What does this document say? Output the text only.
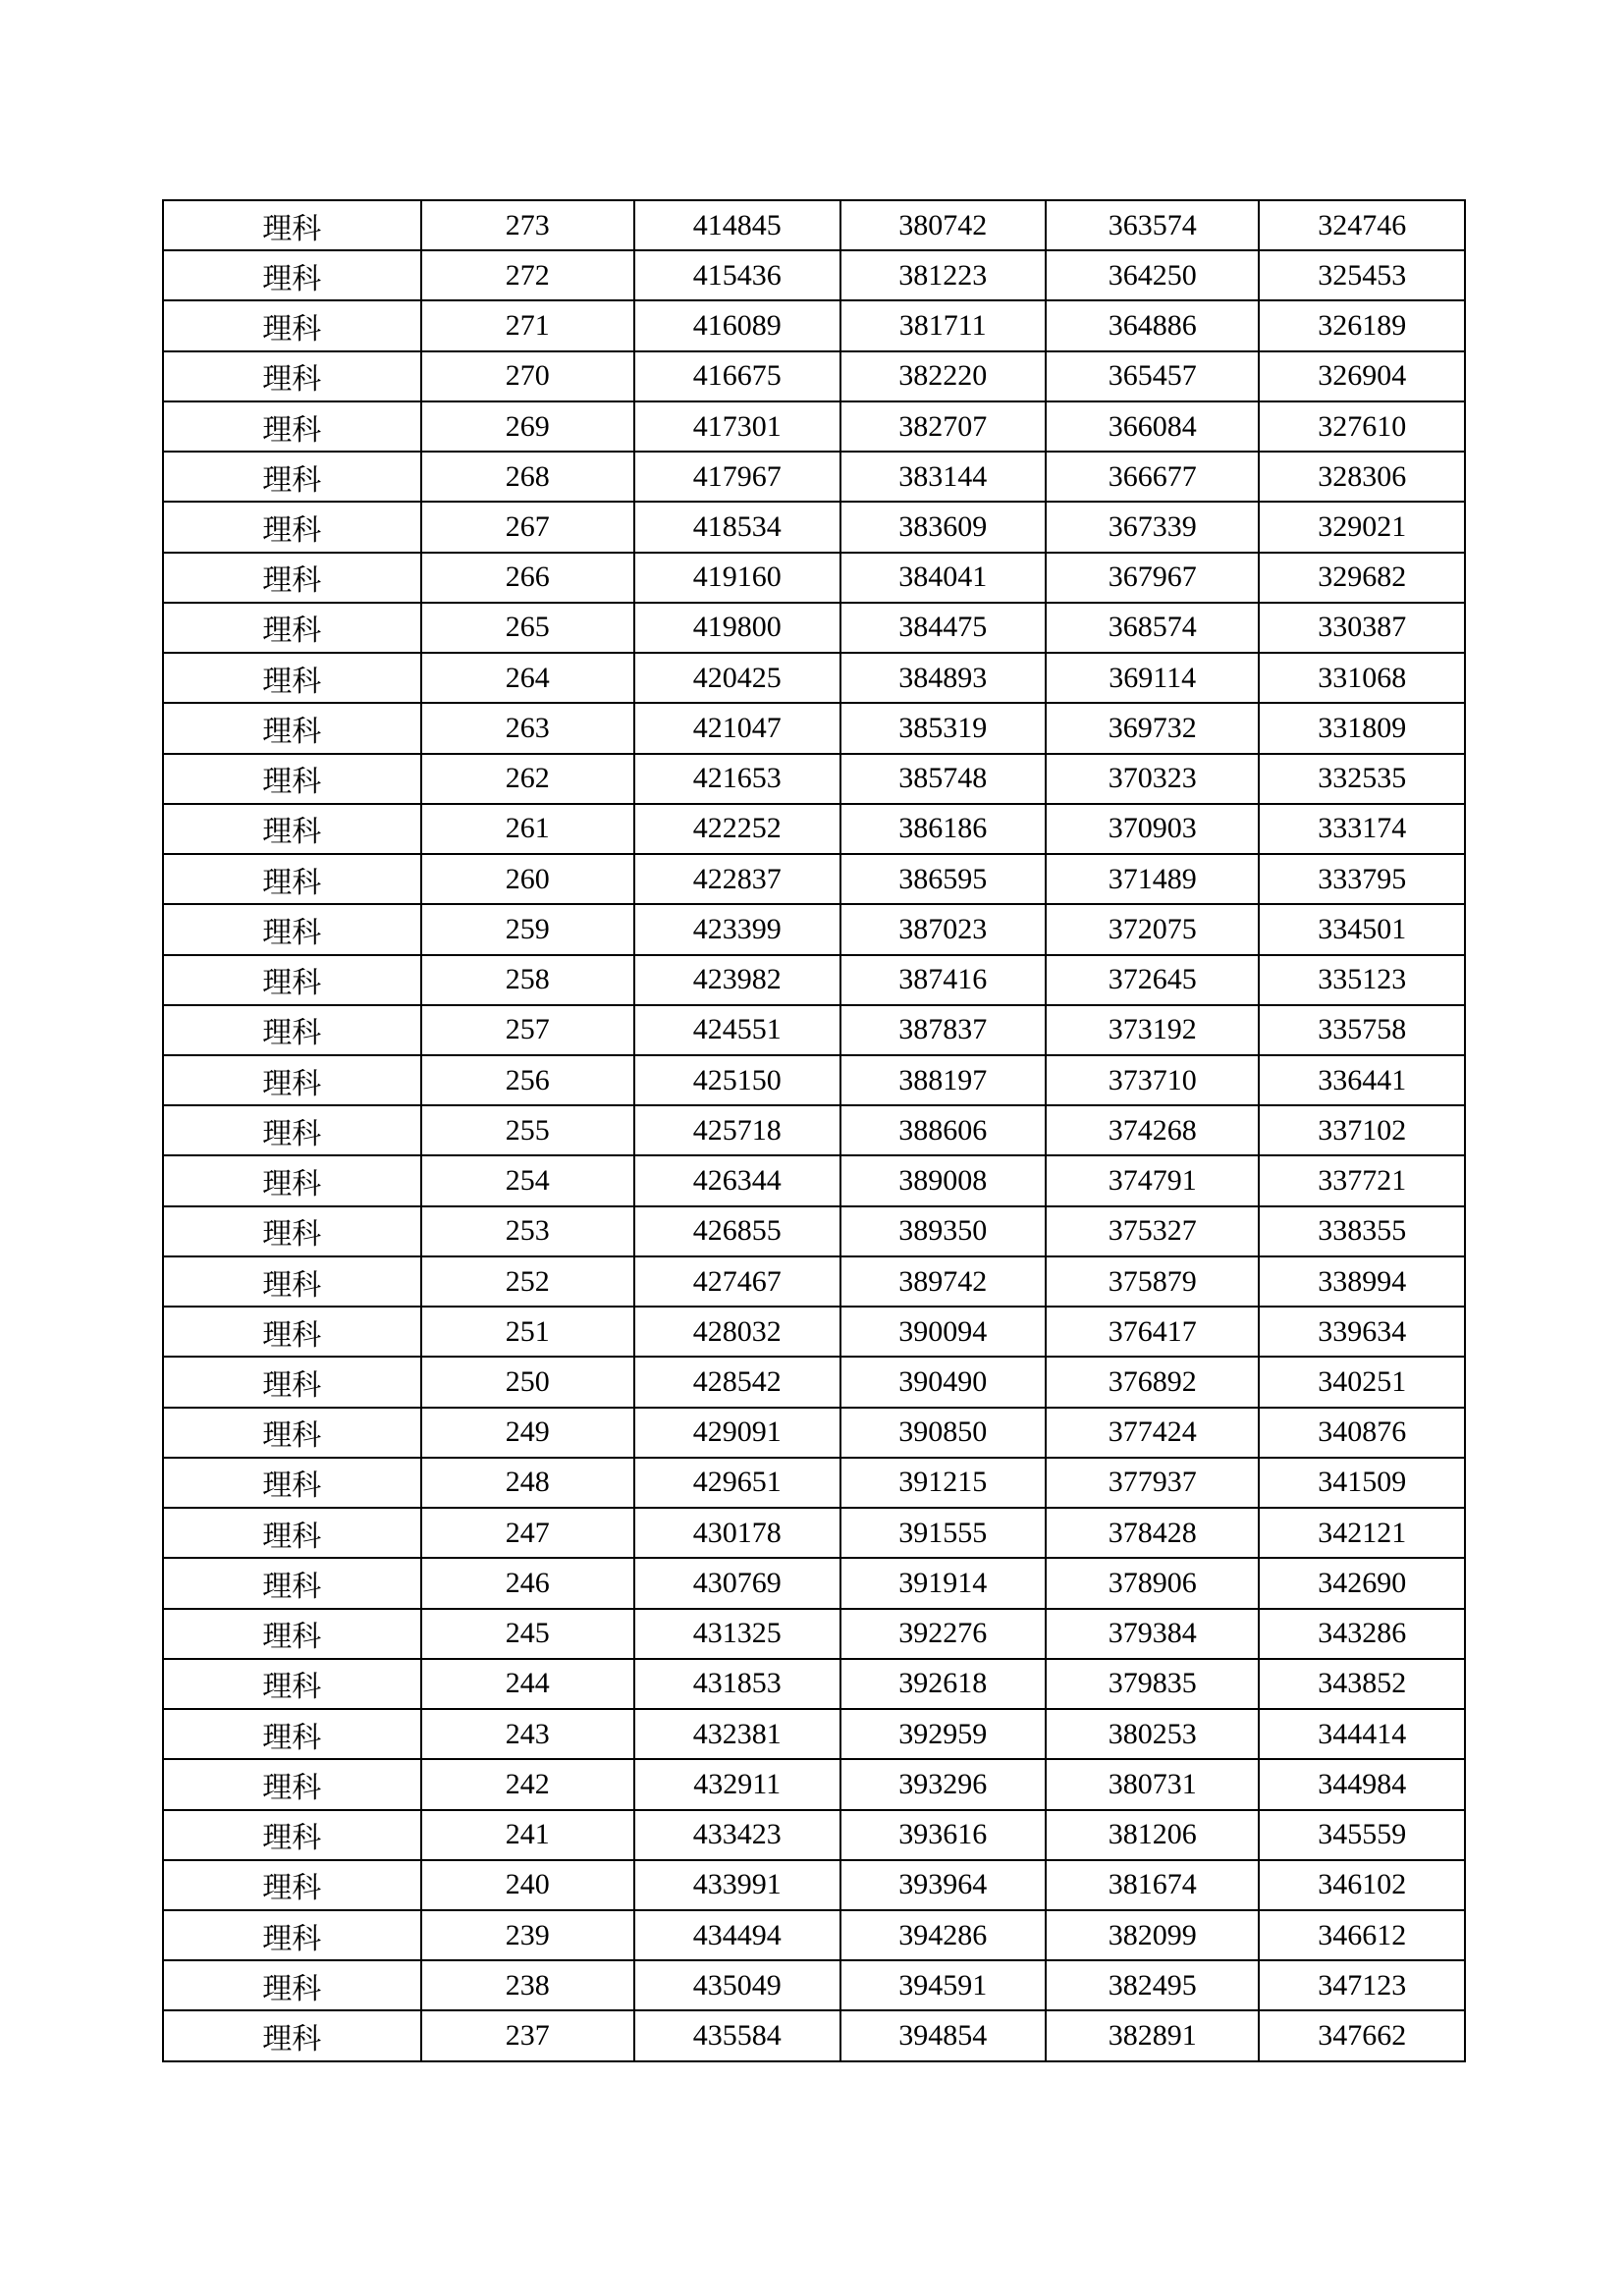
理科	273	414845	380742	363574	324746
理科	272	415436	381223	364250	325453
理科	271	416089	381711	364886	326189
理科	270	416675	382220	365457	326904
理科	269	417301	382707	366084	327610
理科	268	417967	383144	366677	328306
理科	267	418534	383609	367339	329021
理科	266	419160	384041	367967	329682
理科	265	419800	384475	368574	330387
理科	264	420425	384893	369114	331068
理科	263	421047	385319	369732	331809
理科	262	421653	385748	370323	332535
理科	261	422252	386186	370903	333174
理科	260	422837	386595	371489	333795
理科	259	423399	387023	372075	334501
理科	258	423982	387416	372645	335123
理科	257	424551	387837	373192	335758
理科	256	425150	388197	373710	336441
理科	255	425718	388606	374268	337102
理科	254	426344	389008	374791	337721
理科	253	426855	389350	375327	338355
理科	252	427467	389742	375879	338994
理科	251	428032	390094	376417	339634
理科	250	428542	390490	376892	340251
理科	249	429091	390850	377424	340876
理科	248	429651	391215	377937	341509
理科	247	430178	391555	378428	342121
理科	246	430769	391914	378906	342690
理科	245	431325	392276	379384	343286
理科	244	431853	392618	379835	343852
理科	243	432381	392959	380253	344414
理科	242	432911	393296	380731	344984
理科	241	433423	393616	381206	345559
理科	240	433991	393964	381674	346102
理科	239	434494	394286	382099	346612
理科	238	435049	394591	382495	347123
理科	237	435584	394854	382891	347662
